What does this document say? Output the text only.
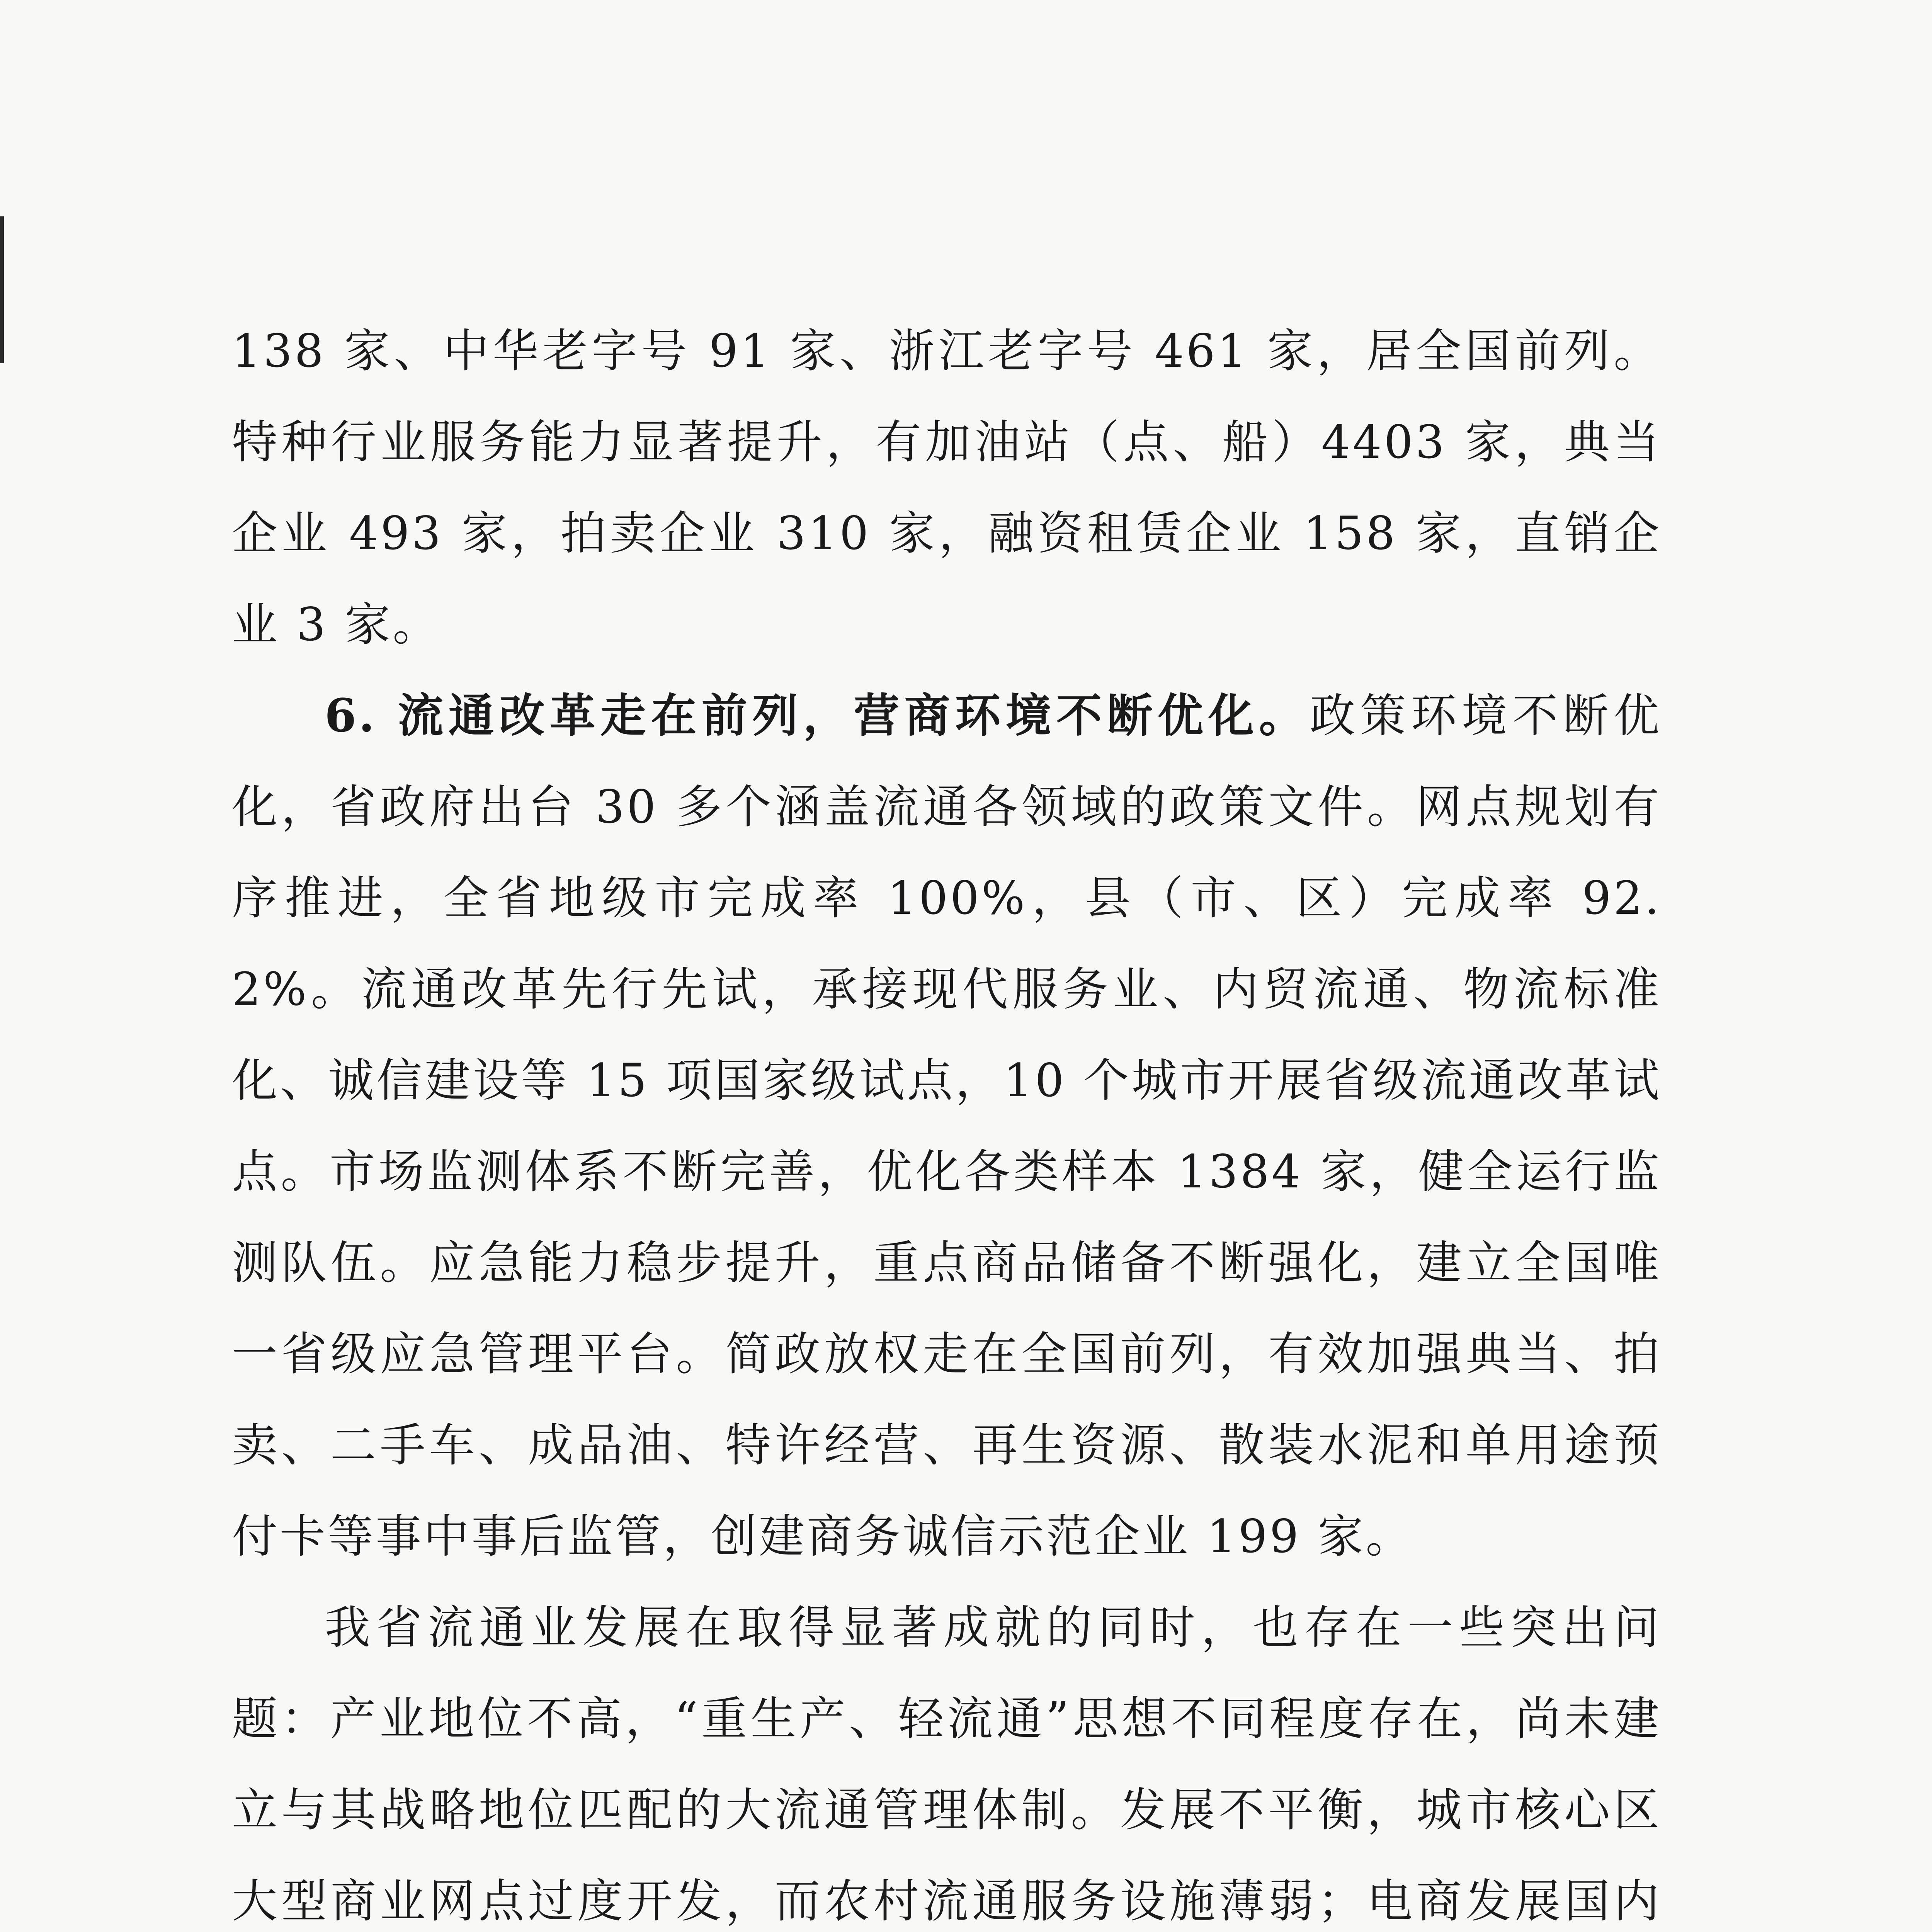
138 家、中华老字号 91 家、浙江老字号 461 家，居全国前列。特种行业服务能力显著提升，有加油站（点、船）4403 家，典当企业 493 家，拍卖企业 310 家，融资租赁企业 158 家，直销企业 3 家。

6. 流通改革走在前列，营商环境不断优化。政策环境不断优化，省政府出台 30 多个涵盖流通各领域的政策文件。网点规划有序推进，全省地级市完成率 100%，县（市、区）完成率 92.2%。流通改革先行先试，承接现代服务业、内贸流通、物流标准化、诚信建设等 15 项国家级试点，10 个城市开展省级流通改革试点。市场监测体系不断完善，优化各类样本 1384 家，健全运行监测队伍。应急能力稳步提升，重点商品储备不断强化，建立全国唯一省级应急管理平台。简政放权走在全国前列，有效加强典当、拍卖、二手车、成品油、特许经营、再生资源、散装水泥和单用途预付卡等事中事后监管，创建商务诚信示范企业 199 家。

我省流通业发展在取得显著成就的同时，也存在一些突出问题：产业地位不高，“重生产、轻流通”思想不同程度存在，尚未建立与其战略地位匹配的大流通管理体制。发展不平衡，城市核心区大型商业网点过度开发，而农村流通服务设施薄弱；电商发展国内
